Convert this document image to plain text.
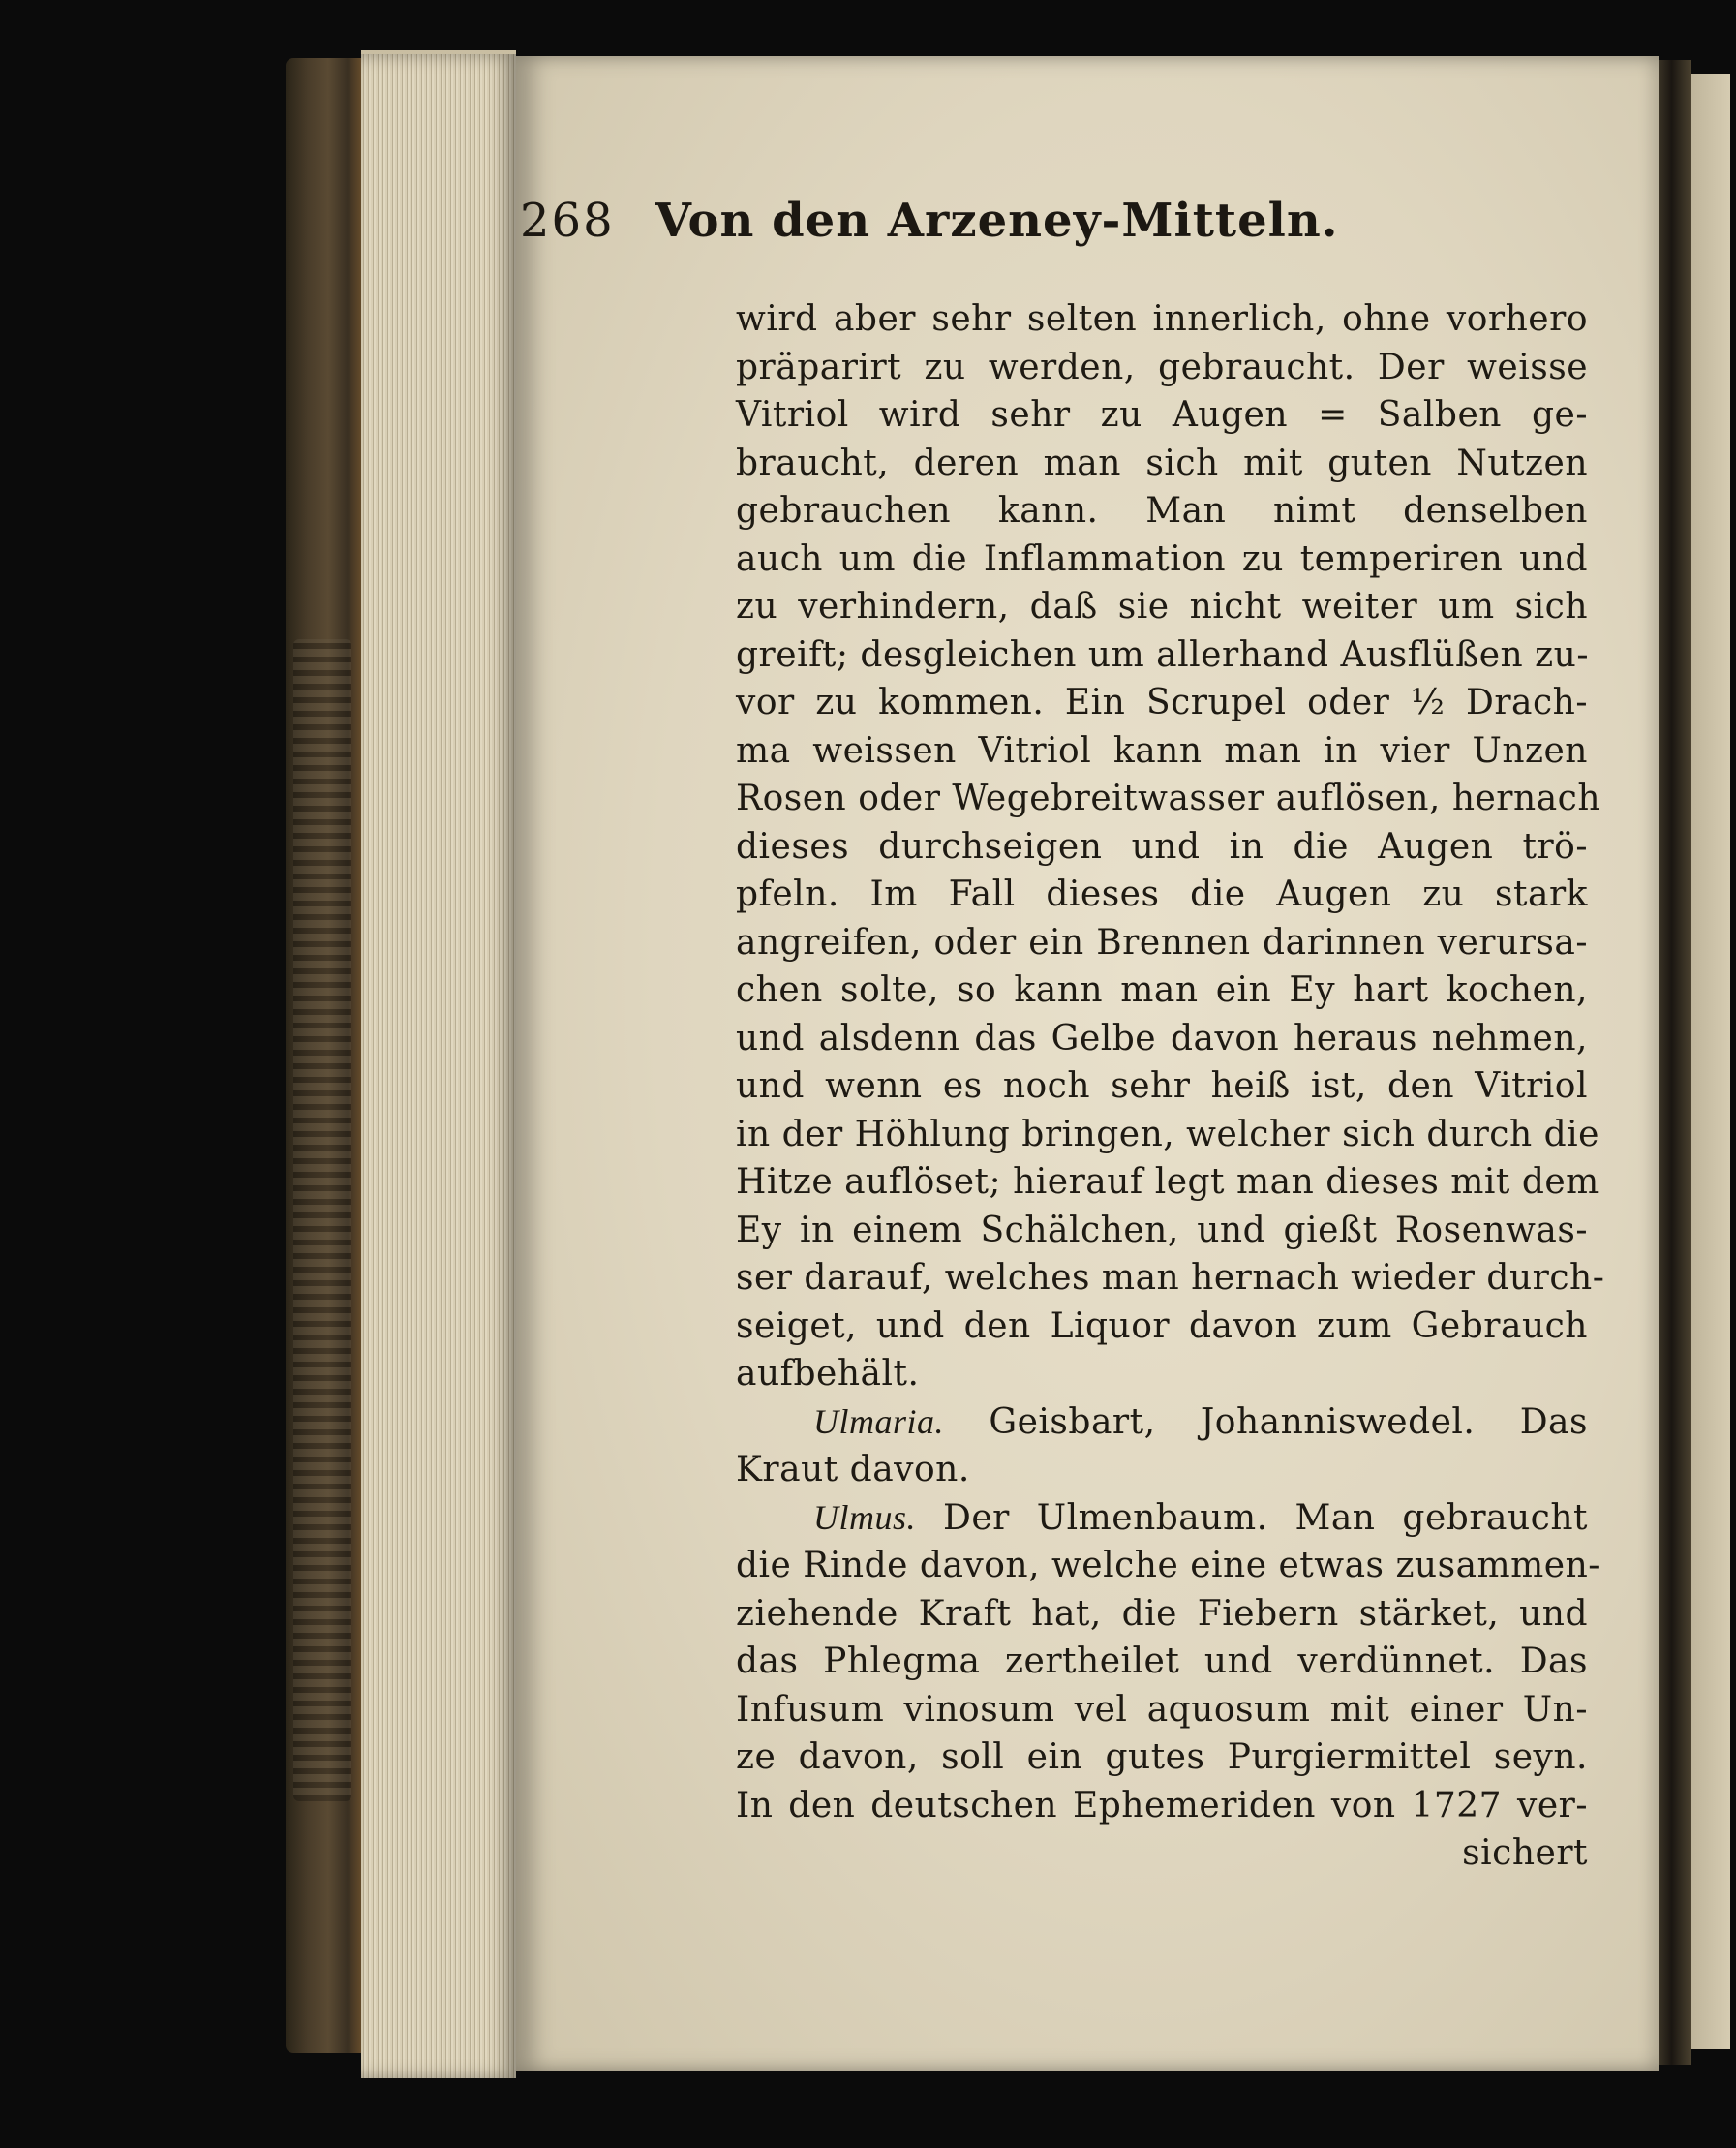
268 Von den Arzeney-Mitteln.
wird aber sehr selten innerlich, ohne vorhero
präparirt zu werden, gebraucht. Der weisse
Vitriol wird sehr zu Augen = Salben ge-
braucht, deren man sich mit guten Nutzen
gebrauchen kann. Man nimt denselben
auch um die Inflammation zu temperiren und
zu verhindern, daß sie nicht weiter um sich
greift; desgleichen um allerhand Ausflüßen zu-
vor zu kommen. Ein Scrupel oder ½ Drach-
ma weissen Vitriol kann man in vier Unzen
Rosen oder Wegebreitwasser auflösen, hernach
dieses durchseigen und in die Augen trö-
pfeln. Im Fall dieses die Augen zu stark
angreifen, oder ein Brennen darinnen verursa-
chen solte, so kann man ein Ey hart kochen,
und alsdenn das Gelbe davon heraus nehmen,
und wenn es noch sehr heiß ist, den Vitriol
in der Höhlung bringen, welcher sich durch die
Hitze auflöset; hierauf legt man dieses mit dem
Ey in einem Schälchen, und gießt Rosenwas-
ser darauf, welches man hernach wieder durch-
seiget, und den Liquor davon zum Gebrauch
aufbehält.
Ulmaria. Geisbart, Johanniswedel. Das
Kraut davon.
Ulmus. Der Ulmenbaum. Man gebraucht
die Rinde davon, welche eine etwas zusammen-
ziehende Kraft hat, die Fiebern stärket, und
das Phlegma zertheilet und verdünnet. Das
Infusum vinosum vel aquosum mit einer Un-
ze davon, soll ein gutes Purgiermittel seyn.
In den deutschen Ephemeriden von 1727 ver-
sichert
